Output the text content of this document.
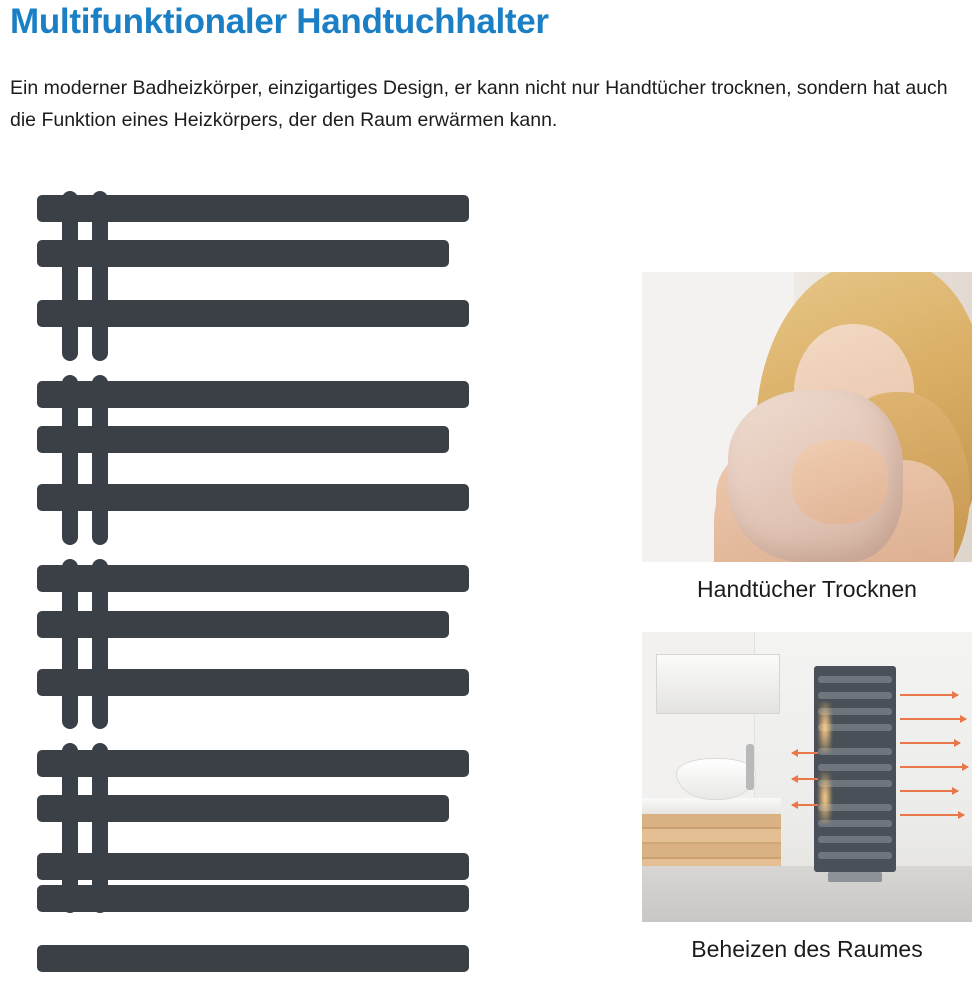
Multifunktionaler Handtuchhalter
Ein moderner Badheizkörper, einzigartiges Design, er kann nicht nur Handtücher trocknen, sondern hat auch die Funktion eines Heizkörpers, der den Raum erwärmen kann.
Handtücher Trocknen
Beheizen des Raumes
